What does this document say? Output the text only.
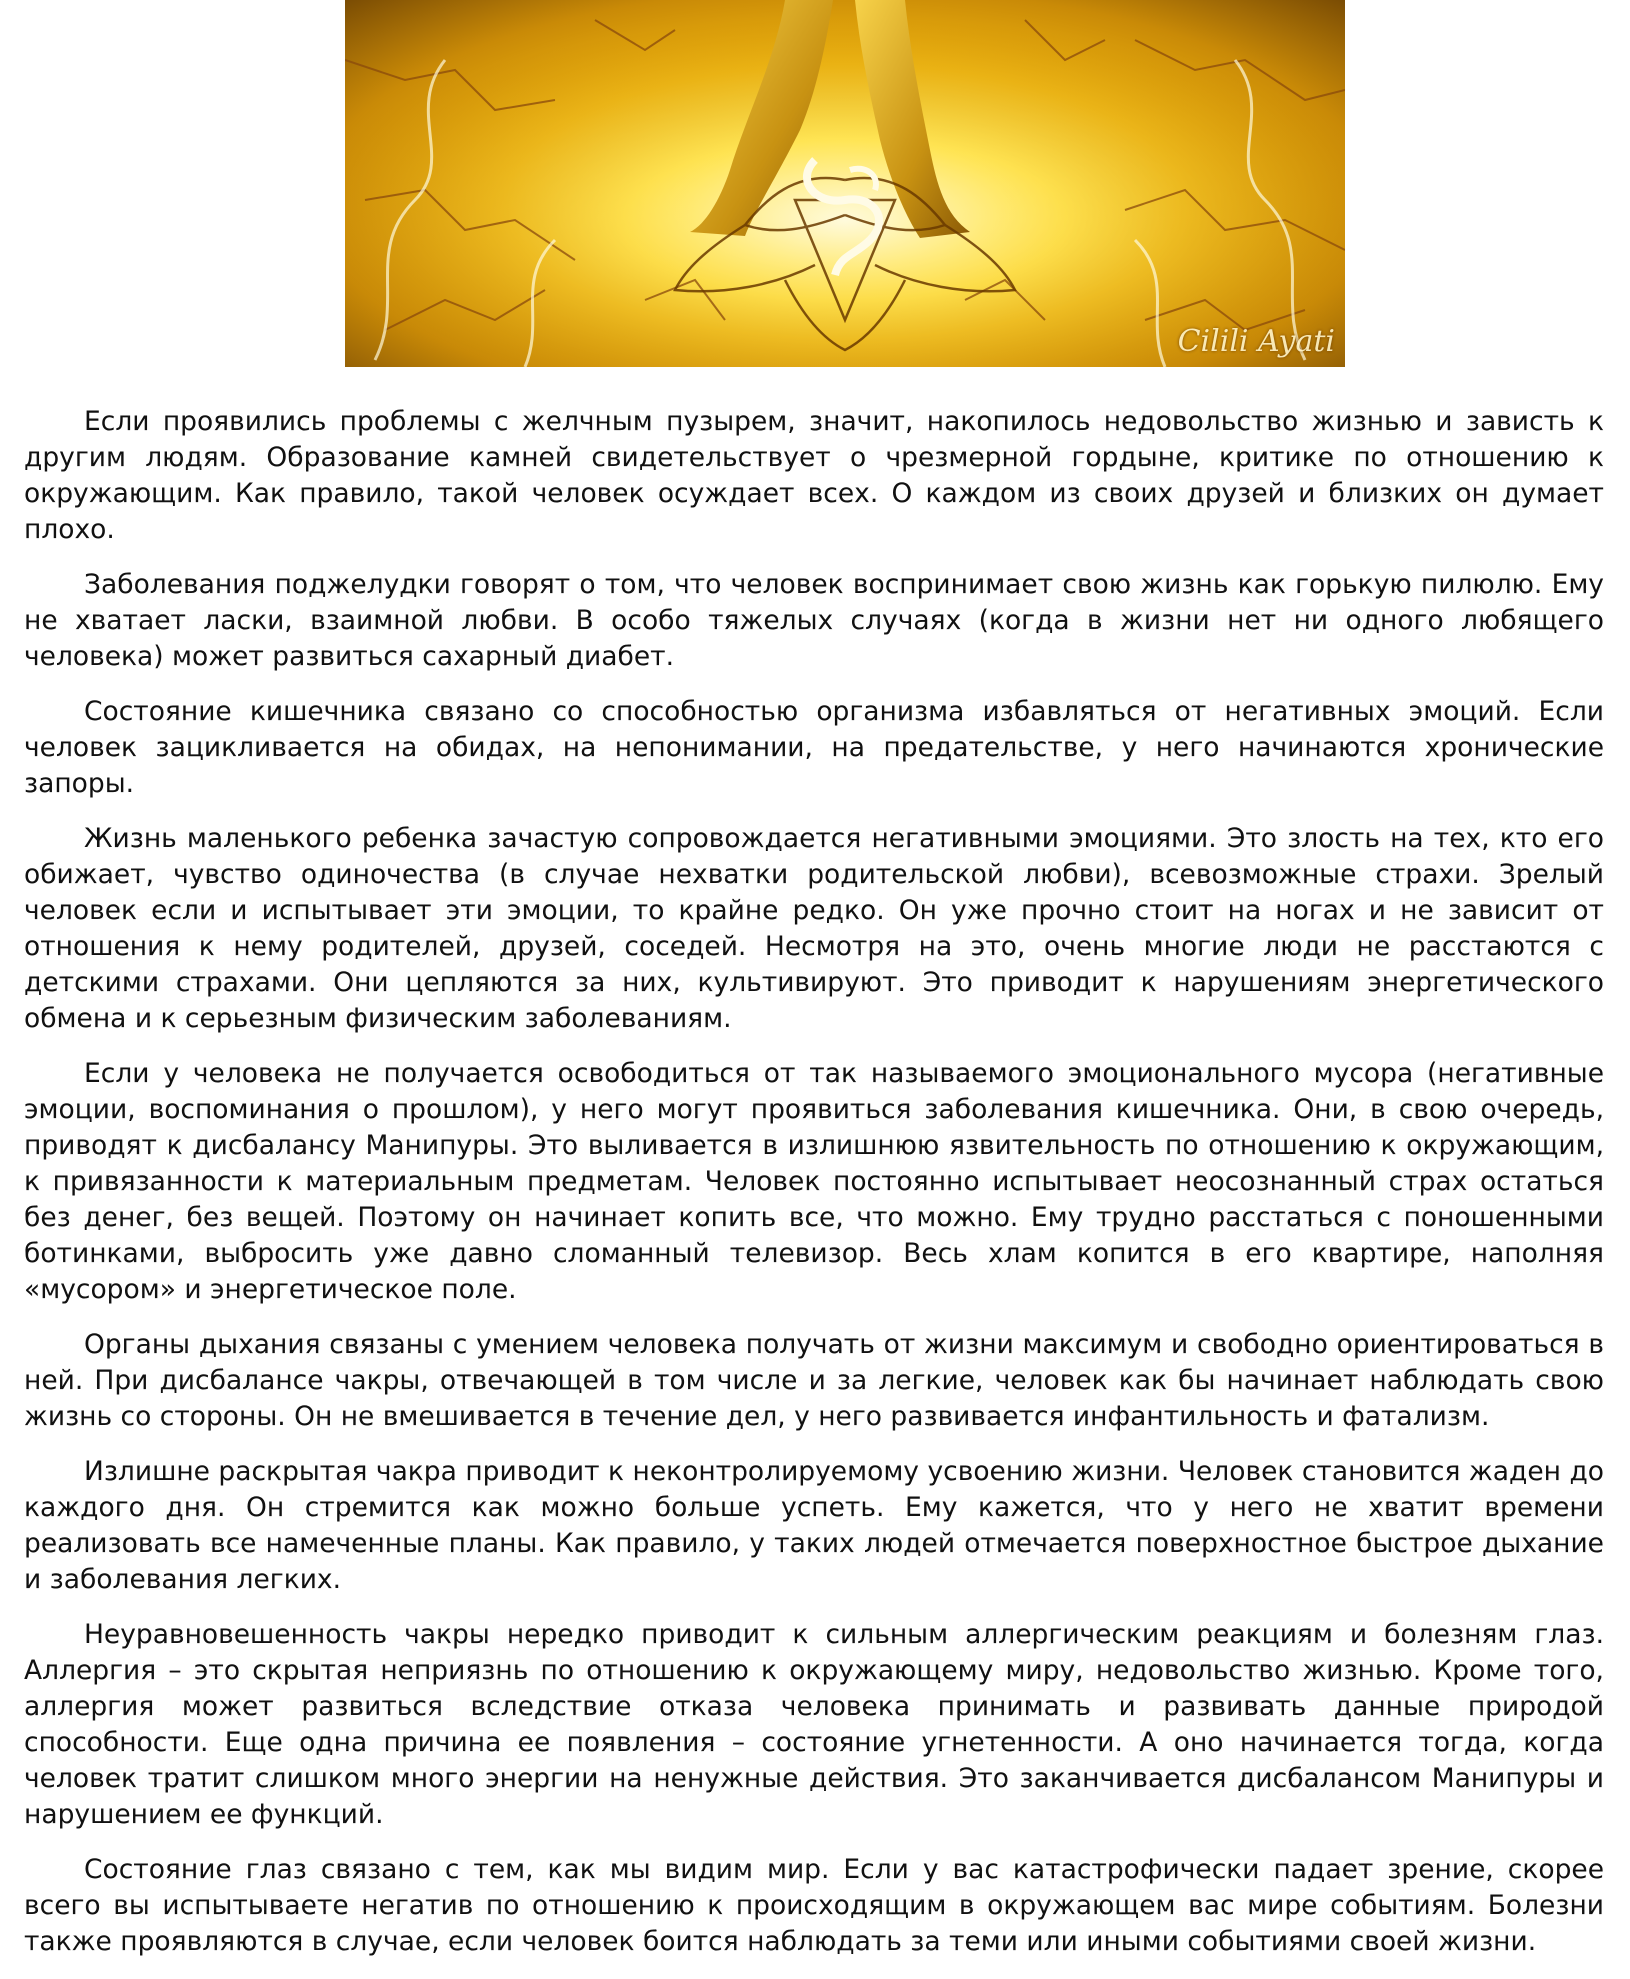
Cilili Ayati

Если проявились проблемы с желчным пузырем, значит, накопилось недовольство жизнью и зависть к другим людям. Образование камней свидетельствует о чрезмерной гордыне, критике по отношению к окружающим. Как правило, такой человек осуждает всех. О каждом из своих друзей и близких он думает плохо.

Заболевания поджелудки говорят о том, что человек воспринимает свою жизнь как горькую пилюлю. Ему не хватает ласки, взаимной любви. В особо тяжелых случаях (когда в жизни нет ни одного любящего человека) может развиться сахарный диабет.

Состояние кишечника связано со способностью организма избавляться от негативных эмоций. Если человек зацикливается на обидах, на непонимании, на предательстве, у него начинаются хронические запоры.

Жизнь маленького ребенка зачастую сопровождается негативными эмоциями. Это злость на тех, кто его обижает, чувство одиночества (в случае нехватки родительской любви), всевозможные страхи. Зрелый человек если и испытывает эти эмоции, то крайне редко. Он уже прочно стоит на ногах и не зависит от отношения к нему родителей, друзей, соседей. Несмотря на это, очень многие люди не расстаются с детскими страхами. Они цепляются за них, культивируют. Это приводит к нарушениям энергетического обмена и к серьезным физическим заболеваниям.

Если у человека не получается освободиться от так называемого эмоционального мусора (негативные эмоции, воспоминания о прошлом), у него могут проявиться заболевания кишечника. Они, в свою очередь, приводят к дисбалансу Манипуры. Это выливается в излишнюю язвительность по отношению к окружающим, к привязанности к материальным предметам. Человек постоянно испытывает неосознанный страх остаться без денег, без вещей. Поэтому он начинает копить все, что можно. Ему трудно расстаться с поношенными ботинками, выбросить уже давно сломанный телевизор. Весь хлам копится в его квартире, наполняя «мусором» и энергетическое поле.

Органы дыхания связаны с умением человека получать от жизни максимум и свободно ориентироваться в ней. При дисбалансе чакры, отвечающей в том числе и за легкие, человек как бы начинает наблюдать свою жизнь со стороны. Он не вмешивается в течение дел, у него развивается инфантильность и фатализм.

Излишне раскрытая чакра приводит к неконтролируемому усвоению жизни. Человек становится жаден до каждого дня. Он стремится как можно больше успеть. Ему кажется, что у него не хватит времени реализовать все намеченные планы. Как правило, у таких людей отмечается поверхностное быстрое дыхание и заболевания легких.

Неуравновешенность чакры нередко приводит к сильным аллергическим реакциям и болезням глаз. Аллергия – это скрытая неприязнь по отношению к окружающему миру, недовольство жизнью. Кроме того, аллергия может развиться вследствие отказа человека принимать и развивать данные природой способности. Еще одна причина ее появления – состояние угнетенности. А оно начинается тогда, когда человек тратит слишком много энергии на ненужные действия. Это заканчивается дисбалансом Манипуры и нарушением ее функций.

Состояние глаз связано с тем, как мы видим мир. Если у вас катастрофически падает зрение, скорее всего вы испытываете негатив по отношению к происходящим в окружающем вас мире событиям. Болезни также проявляются в случае, если человек боится наблюдать за теми или иными событиями своей жизни.
